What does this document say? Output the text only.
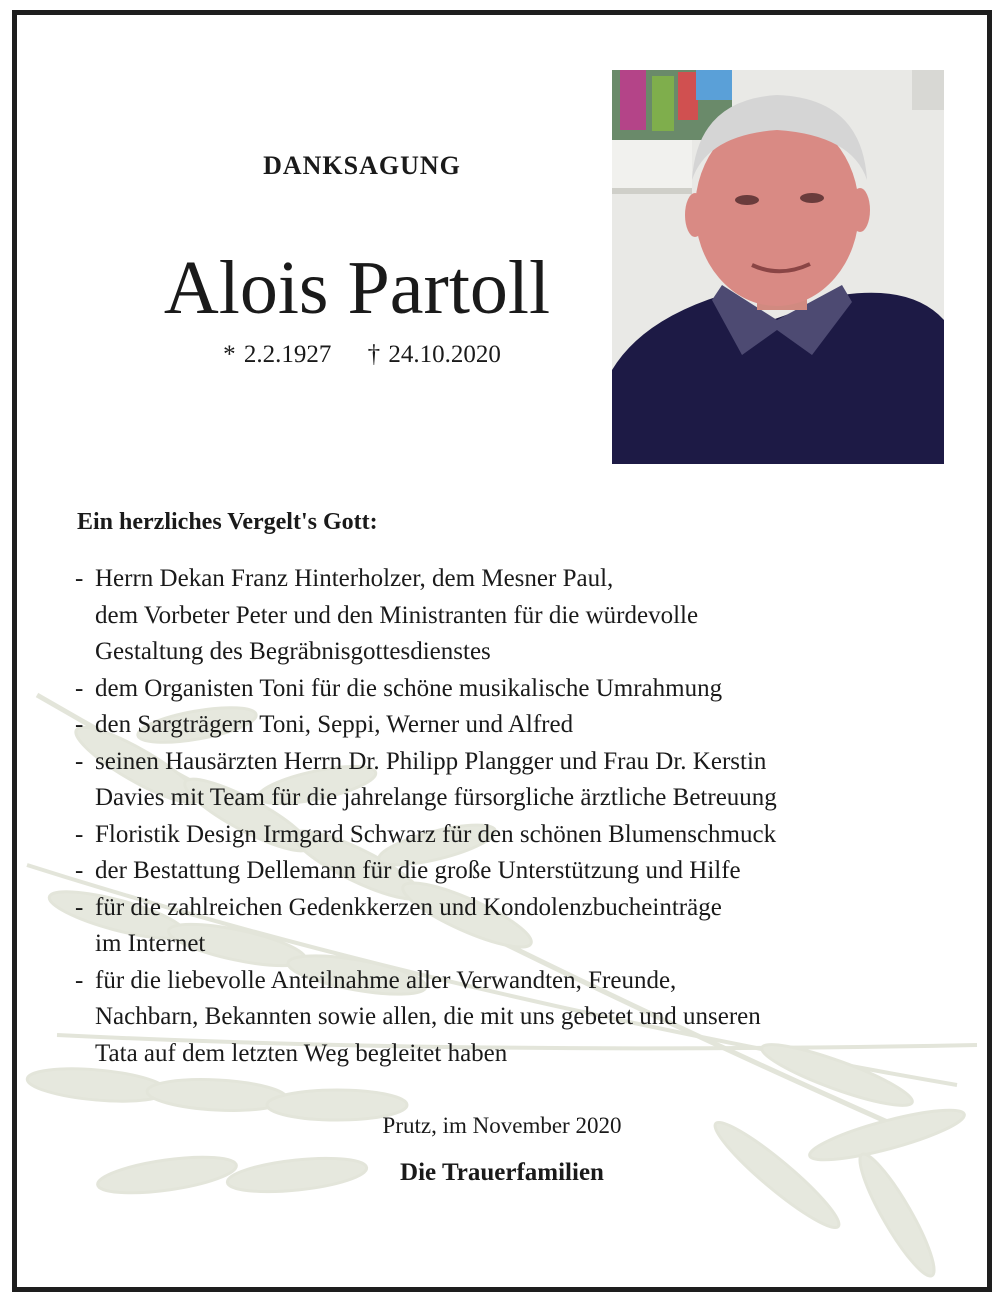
DANKSAGUNG
Alois Partoll
* 2.2.1927 † 24.10.2020
Ein herzliches Vergelt's Gott:
- Herrn Dekan Franz Hinterholzer, dem Mesner Paul,
dem Vorbeter Peter und den Ministranten für die würdevolle
Gestaltung des Begräbnisgottesdienstes
- dem Organisten Toni für die schöne musikalische Umrahmung
- den Sargträgern Toni, Seppi, Werner und Alfred
- seinen Hausärzten Herrn Dr. Philipp Plangger und Frau Dr. Kerstin
Davies mit Team für die jahrelange fürsorgliche ärztliche Betreuung
- Floristik Design Irmgard Schwarz für den schönen Blumenschmuck
- der Bestattung Dellemann für die große Unterstützung und Hilfe
- für die zahlreichen Gedenkkerzen und Kondolenzbucheinträge
im Internet
- für die liebevolle Anteilnahme aller Verwandten, Freunde,
Nachbarn, Bekannten sowie allen, die mit uns gebetet und unseren
Tata auf dem letzten Weg begleitet haben
Prutz, im November 2020
Die Trauerfamilien
